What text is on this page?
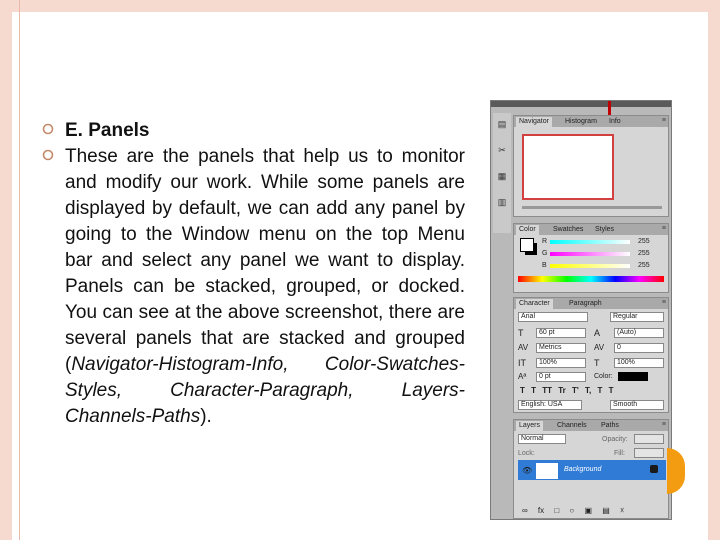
E. Panels
These are the panels that help us to monitor and modify our work. While some panels are displayed by default, we can add any panel by going to the Window menu on the top Menu bar and select any panel we want to display. Panels can be stacked, grouped, or docked. You can see at the above screenshot, there are several panels that are stacked and grouped (Navigator-Histogram-Info, Color-Swatches-Styles, Character-Paragraph, Layers-Channels-Paths).
▤
✂
▦
▥
Navigator	Histogram	Info	≡
Color	Swatches	Styles	≡
R	255
G	255
B	255
Character	Paragraph	≡
Arial	Regular
T	60 pt	A	(Auto)
AV	Metrics	AV	0
IT	100%	T	100%
Aª	0 pt	Color:
T T TT Tr T' T, T T
English: USA	Smooth
Layers	Channels	Paths	≡
Normal	Opacity:
Lock:	Fill:
👁	Background
∞ fx □ ○ ▣ ▤ ☓
